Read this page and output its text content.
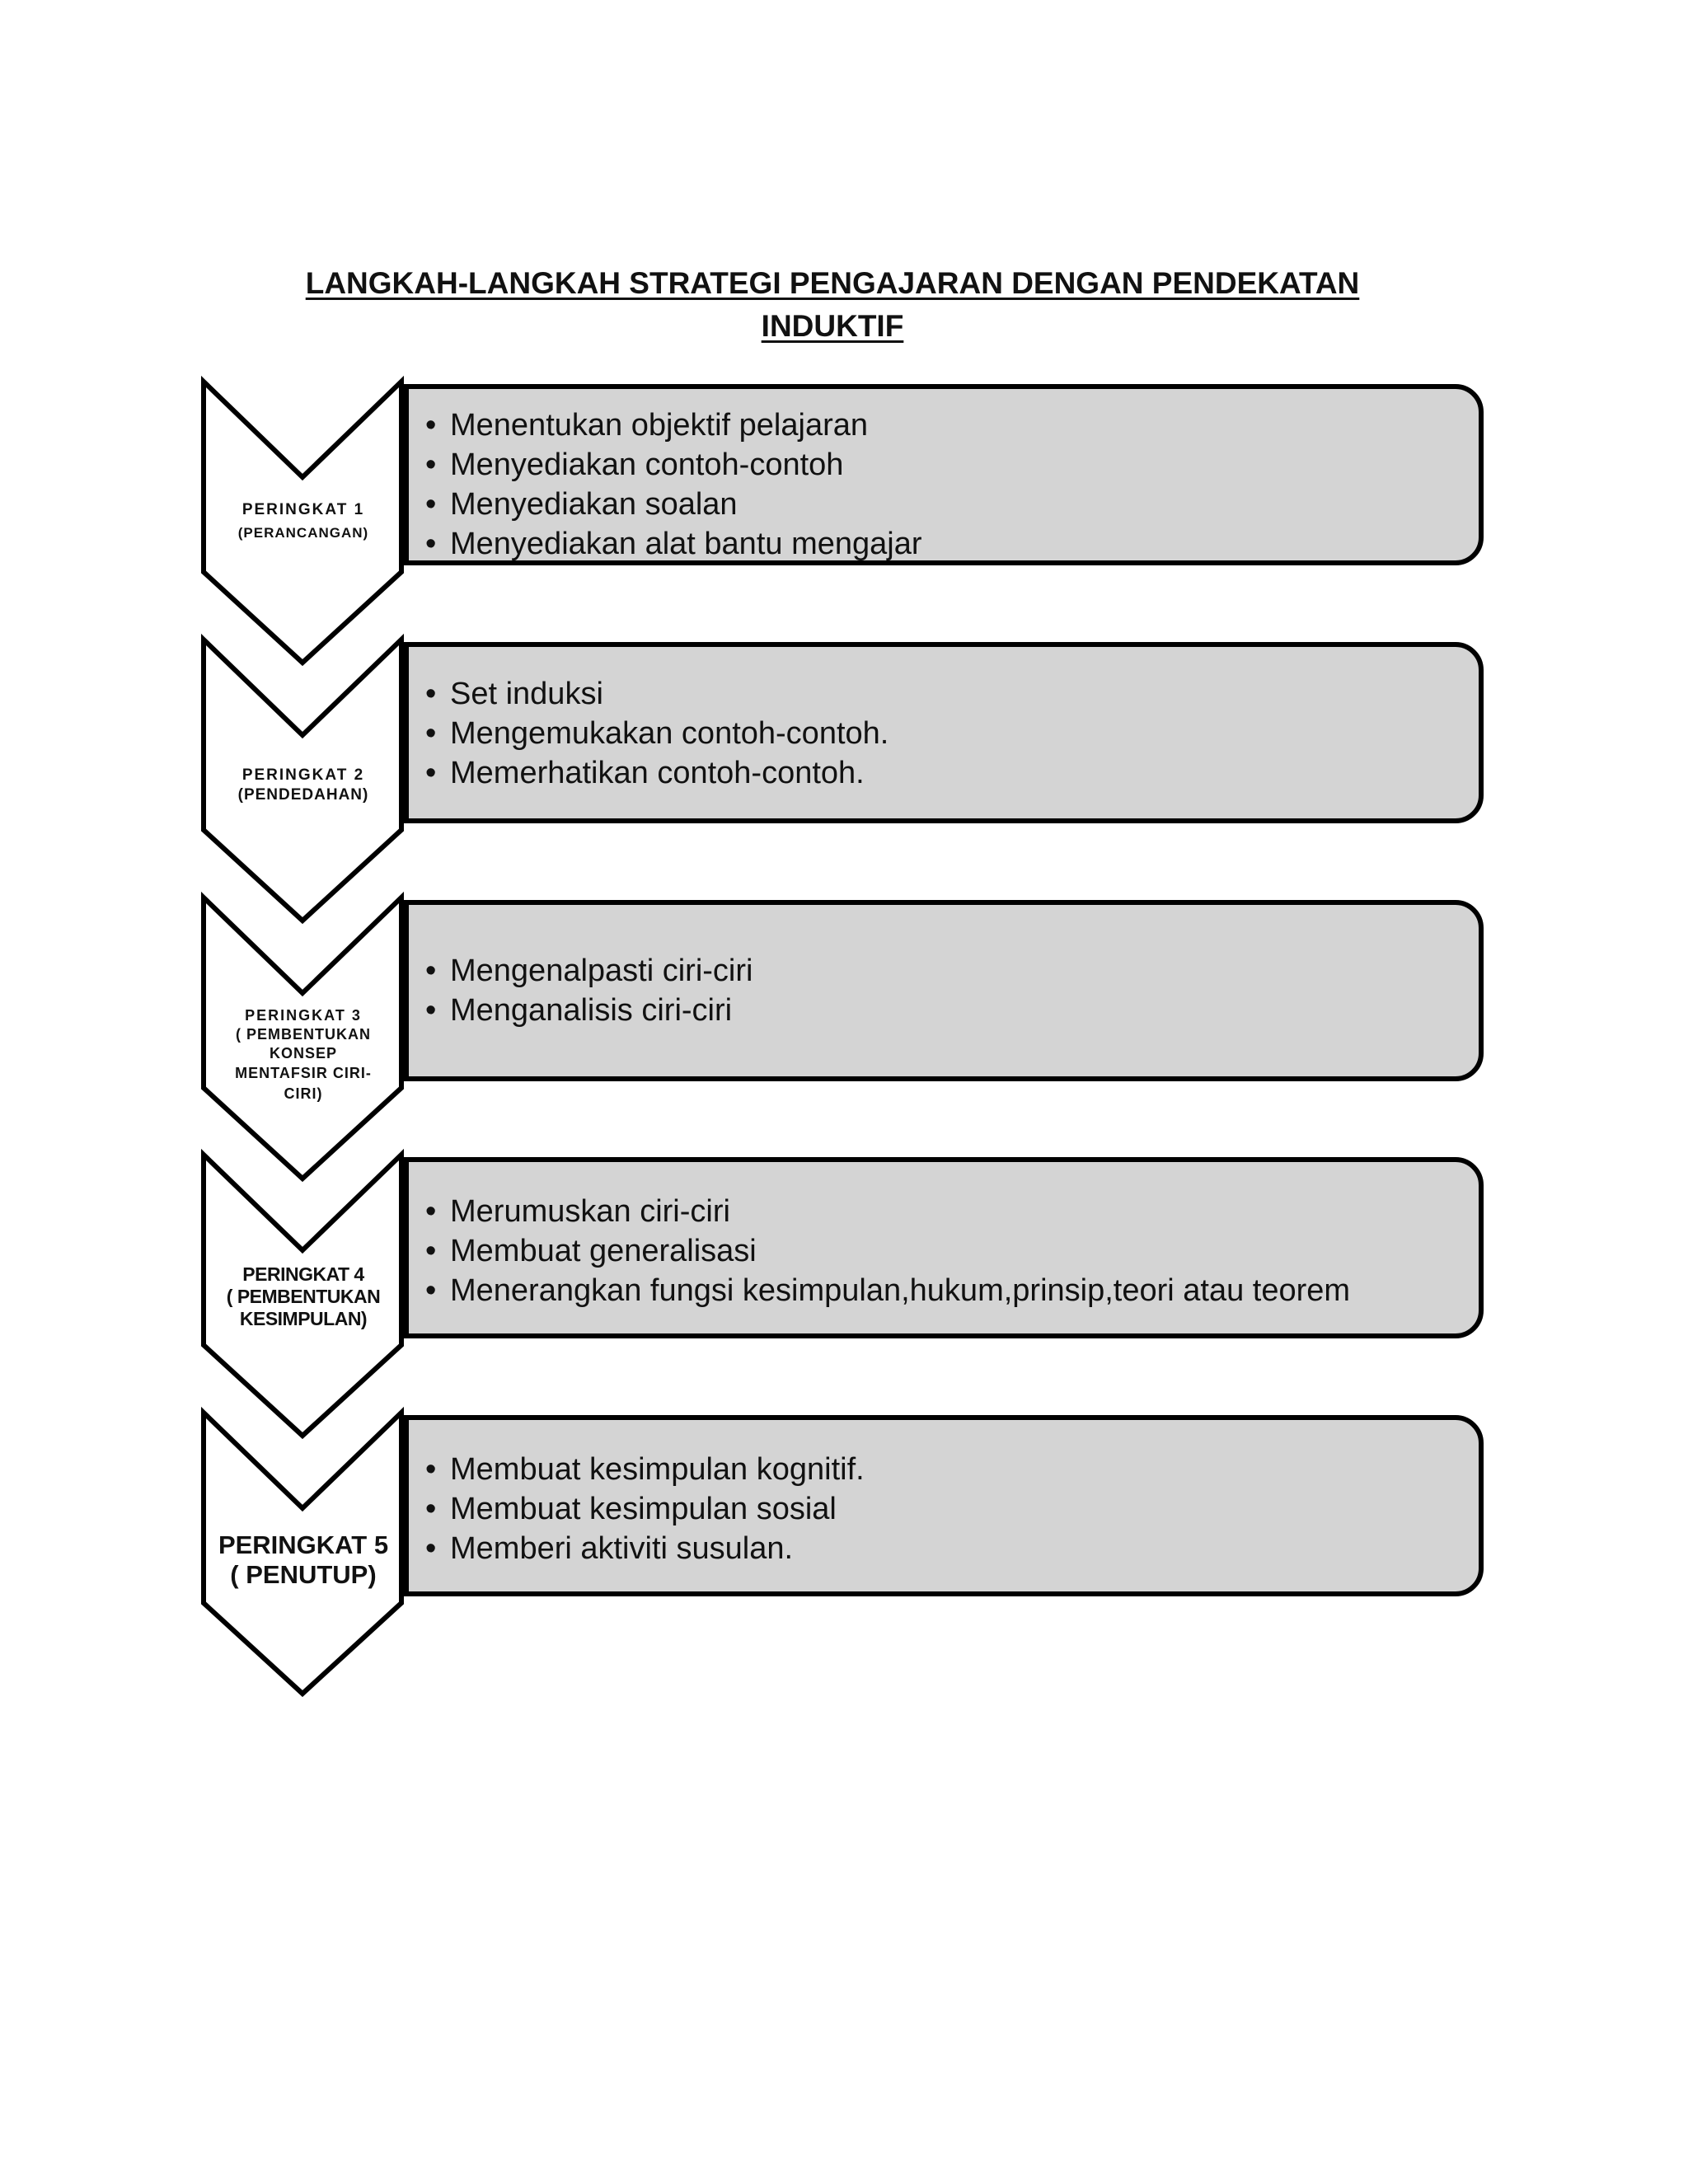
LANGKAH-LANGKAH STRATEGI PENGAJARAN DENGAN PENDEKATAN
INDUKTIF
PERINGKAT 1
(PERANCANGAN)
• Menentukan objektif pelajaran
• Menyediakan contoh-contoh
• Menyediakan soalan
• Menyediakan alat bantu mengajar
PERINGKAT 2
(PENDEDAHAN)
• Set induksi
• Mengemukakan contoh-contoh.
• Memerhatikan contoh-contoh.
PERINGKAT 3
( PEMBENTUKAN
KONSEP
MENTAFSIR CIRI-
CIRI)
• Mengenalpasti ciri-ciri
• Menganalisis ciri-ciri
PERINGKAT 4
( PEMBENTUKAN
KESIMPULAN)
• Merumuskan ciri-ciri
• Membuat generalisasi
• Menerangkan fungsi kesimpulan,hukum,prinsip,teori atau teorem
PERINGKAT 5
( PENUTUP)
• Membuat kesimpulan kognitif.
• Membuat kesimpulan sosial
• Memberi aktiviti susulan.
